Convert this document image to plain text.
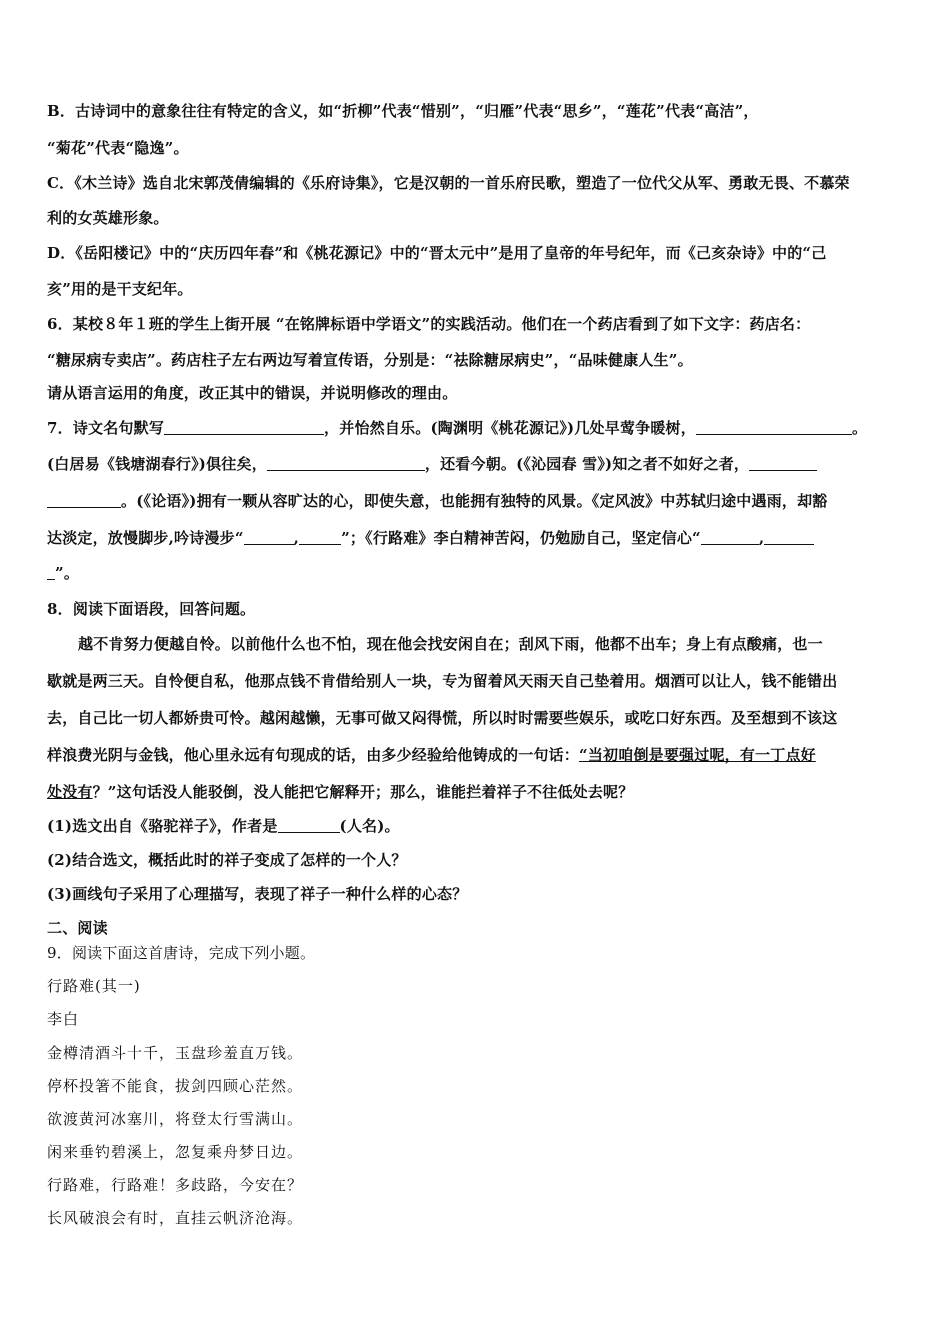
B．古诗词中的意象往往有特定的含义，如“折柳”代表“惜别”，“归雁”代表“思乡”，“莲花”代表“高洁”，
“菊花”代表“隐逸”。
C．《木兰诗》选自北宋郭茂倩编辑的《乐府诗集》，它是汉朝的一首乐府民歌，塑造了一位代父从军、勇敢无畏、不慕荣
利的女英雄形象。
D．《岳阳楼记》中的“庆历四年春”和《桃花源记》中的“晋太元中”是用了皇帝的年号纪年，而《己亥杂诗》中的“己
亥”用的是干支纪年。
6．某校８年１班的学生上街开展 “在铭牌标语中学语文”的实践活动。他们在一个药店看到了如下文字：药店名：
“糖尿病专卖店”。药店柱子左右两边写着宣传语，分别是：“祛除糖尿病史”，“品味健康人生”。
请从语言运用的角度，改正其中的错误，并说明修改的理由。
7．诗文名句默写	，并怡然自乐。(陶渊明《桃花源记》)几处早莺争暖树，	。
(白居易《钱塘湖春行》)俱往矣，	，还看今朝。(《沁园春 雪》)知之者不如好之者，
。(《论语》)拥有一颗从容旷达的心，即使失意，也能拥有独特的风景。《定风波》中苏轼归途中遇雨，却豁
达淡定，放慢脚步,吟诗漫步“	,	”；《行路难》李白精神苦闷，仍勉励自己，坚定信心“	,
”。
8．阅读下面语段，回答问题。
越不肯努力便越自怜。以前他什么也不怕，现在他会找安闲自在；刮风下雨，他都不出车；身上有点酸痛，也一
歇就是两三天。自怜便自私，他那点钱不肯借给别人一块，专为留着风天雨天自己垫着用。烟酒可以让人，钱不能错出
去，自己比一切人都娇贵可怜。越闲越懒，无事可做又闷得慌，所以时时需要些娱乐，或吃口好东西。及至想到不该这
样浪费光阴与金钱，他心里永远有句现成的话，由多少经验给他铸成的一句话：“当初咱倒是要强过呢，有一丁点好
处没有？”这句话没人能驳倒，没人能把它解释开；那么，谁能拦着祥子不往低处去呢？
(1)选文出自《骆驼祥子》，作者是	(人名)。
(2)结合选文，概括此时的祥子变成了怎样的一个人？
(3)画线句子采用了心理描写，表现了祥子一种什么样的心态？
二、阅读
9．阅读下面这首唐诗，完成下列小题。
行路难(其一)
李白
金樽清酒斗十千，玉盘珍羞直万钱。
停杯投箸不能食，拔剑四顾心茫然。
欲渡黄河冰塞川，将登太行雪满山。
闲来垂钓碧溪上，忽复乘舟梦日边。
行路难，行路难！多歧路，今安在？
长风破浪会有时，直挂云帆济沧海。
